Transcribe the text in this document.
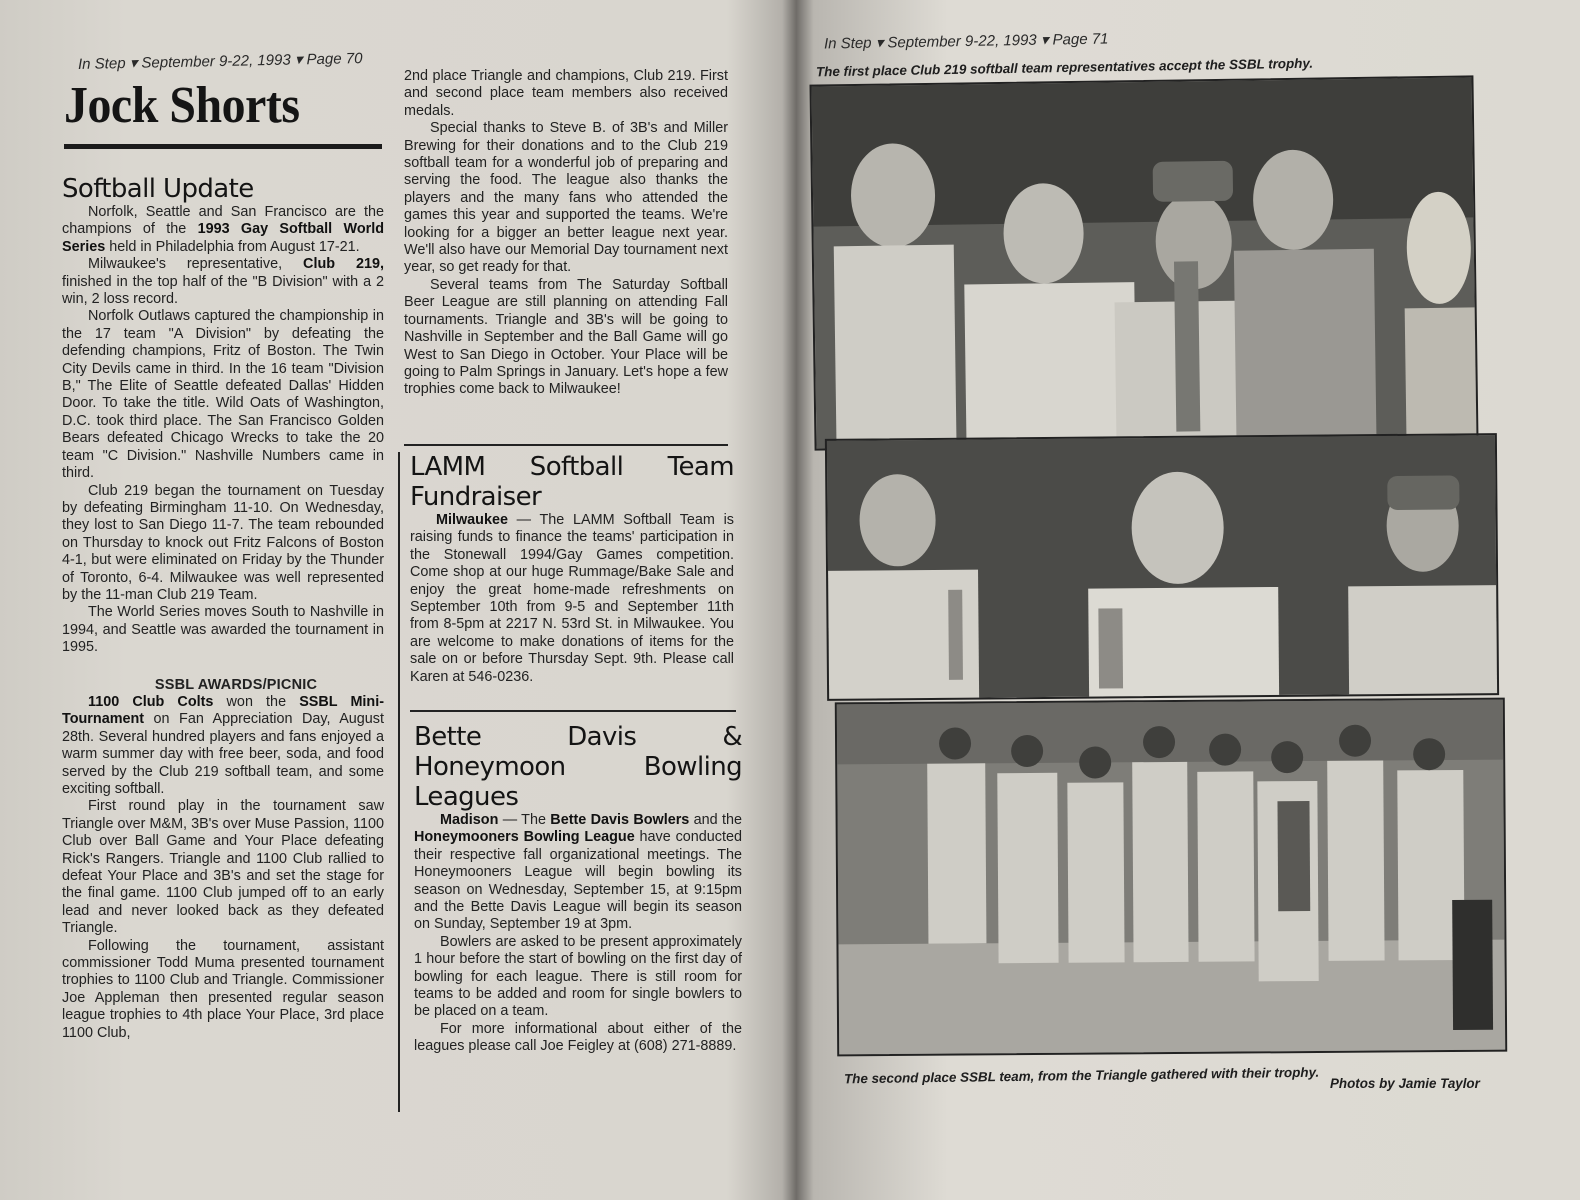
In Step ▾ September 9-22, 1993 ▾ Page 70
Jock Shorts
Softball Update

Norfolk, Seattle and San Francisco are the champions of the 1993 Gay Softball World Series held in Philadelphia from August 17-21.

Milwaukee's representative, Club 219, finished in the top half of the "B Division" with a 2 win, 2 loss record.

Norfolk Outlaws captured the championship in the 17 team "A Division" by defeating the defending champions, Fritz of Boston. The Twin City Devils came in third. In the 16 team "Division B," The Elite of Seattle defeated Dallas' Hidden Door. To take the title. Wild Oats of Washington, D.C. took third place. The San Francisco Golden Bears defeated Chicago Wrecks to take the 20 team "C Division." Nashville Numbers came in third.

Club 219 began the tournament on Tuesday by defeating Birmingham 11-10. On Wednesday, they lost to San Diego 11-7. The team rebounded on Thursday to knock out Fritz Falcons of Boston 4-1, but were eliminated on Friday by the Thunder of Toronto, 6-4. Milwaukee was well represented by the 11-man Club 219 Team.

The World Series moves South to Nashville in 1994, and Seattle was awarded the tournament in 1995.

SSBL AWARDS/PICNIC

1100 Club Colts won the SSBL Mini-Tournament on Fan Appreciation Day, August 28th. Several hundred players and fans enjoyed a warm summer day with free beer, soda, and food served by the Club 219 softball team, and some exciting softball.

First round play in the tournament saw Triangle over M&M, 3B's over Muse Passion, 1100 Club over Ball Game and Your Place defeating Rick's Rangers. Triangle and 1100 Club rallied to defeat Your Place and 3B's and set the stage for the final game. 1100 Club jumped off to an early lead and never looked back as they defeated Triangle.

Following the tournament, assistant commissioner Todd Muma presented tournament trophies to 1100 Club and Triangle. Commissioner Joe Appleman then presented regular season league trophies to 4th place Your Place, 3rd place 1100 Club,

2nd place Triangle and champions, Club 219. First and second place team members also received medals.

Special thanks to Steve B. of 3B's and Miller Brewing for their donations and to the Club 219 softball team for a wonderful job of preparing and serving the food. The league also thanks the players and the many fans who attended the games this year and supported the teams. We're looking for a bigger an better league next year. We'll also have our Memorial Day tournament next year, so get ready for that.

Several teams from The Saturday Softball Beer League are still planning on attending Fall tournaments. Triangle and 3B's will be going to Nashville in September and the Ball Game will go West to San Diego in October. Your Place will be going to Palm Springs in January. Let's hope a few trophies come back to Milwaukee!

LAMM Softball Team Fundraiser

Milwaukee — The LAMM Softball Team is raising funds to finance the teams' participation in the Stonewall 1994/Gay Games competition. Come shop at our huge Rummage/Bake Sale and enjoy the great home-made refreshments on September 10th from 9-5 and September 11th from 8-5pm at 2217 N. 53rd St. in Milwaukee. You are welcome to make donations of items for the sale on or before Thursday Sept. 9th. Please call Karen at 546-0236.

Bette Davis & Honeymoon Bowling Leagues

Madison — The Bette Davis Bowlers and the Honeymooners Bowling League have conducted their respective fall organizational meetings. The Honeymooners League will begin bowling its season on Wednesday, September 15, at 9:15pm and the Bette Davis League will begin its season on Sunday, September 19 at 3pm.

Bowlers are asked to be present approximately 1 hour before the start of bowling on the first day of bowling for each league. There is still room for teams to be added and room for single bowlers to be placed on a team.

For more informational about either of the leagues please call Joe Feigley at (608) 271-8889.

In Step ▾ September 9-22, 1993 ▾ Page 71
The first place Club 219 softball team representatives accept the SSBL trophy.
The second place SSBL team, from the Triangle gathered with their trophy. Photos by Jamie Taylor
